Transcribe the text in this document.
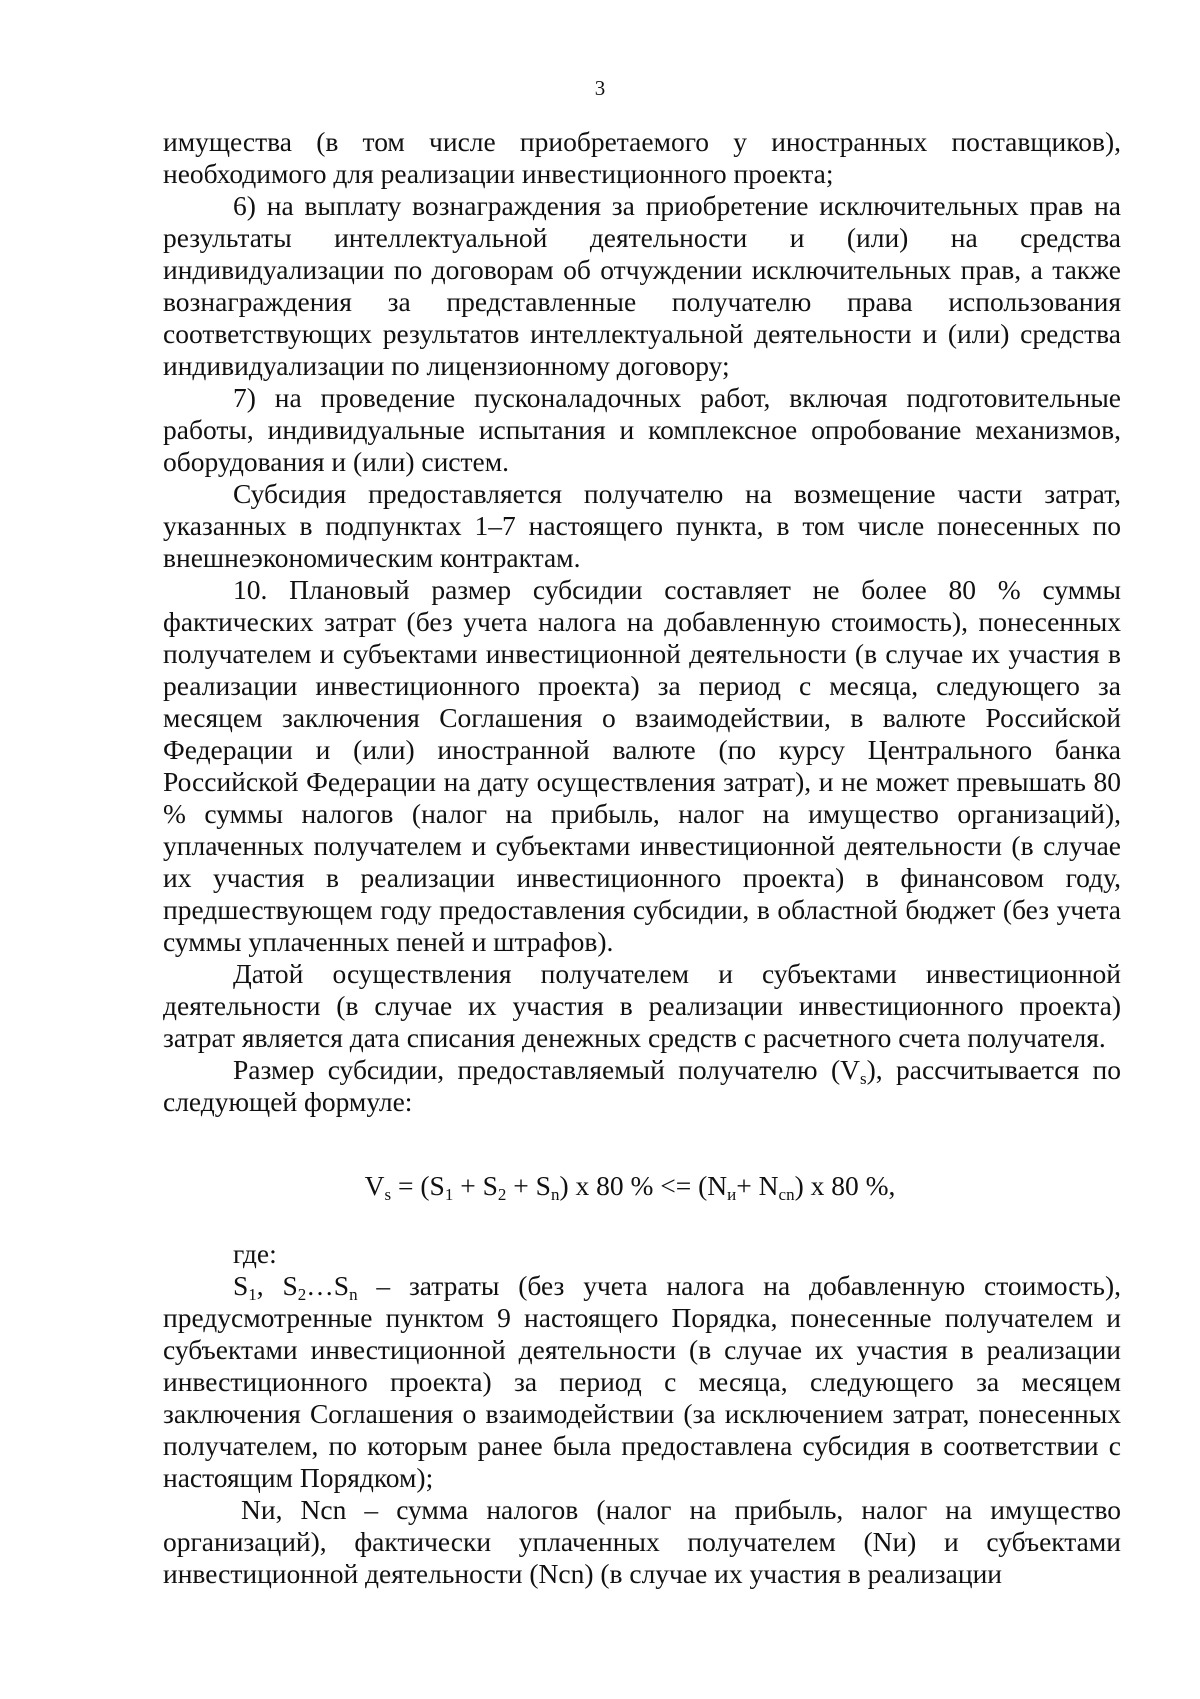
3

имущества (в том числе приобретаемого у иностранных поставщиков), необходимого для реализации инвестиционного проекта;

6) на выплату вознаграждения за приобретение исключительных прав на результаты интеллектуальной деятельности и (или) на средства индивидуализации по договорам об отчуждении исключительных прав, а также вознаграждения за представленные получателю права использования соответствующих результатов интеллектуальной деятельности и (или) средства индивидуализации по лицензионному договору;

7) на проведение пусконаладочных работ, включая подготовительные работы, индивидуальные испытания и комплексное опробование механизмов, оборудования и (или) систем.

Субсидия предоставляется получателю на возмещение части затрат, указанных в подпунктах 1–7 настоящего пункта, в том числе понесенных по внешнеэкономическим контрактам.

10. Плановый размер субсидии составляет не более 80 % суммы фактических затрат (без учета налога на добавленную стоимость), понесенных получателем и субъектами инвестиционной деятельности (в случае их участия в реализации инвестиционного проекта) за период с месяца, следующего за месяцем заключения Соглашения о взаимодействии, в валюте Российской Федерации и (или) иностранной валюте (по курсу Центрального банка Российской Федерации на дату осуществления затрат), и не может превышать 80 % суммы налогов (налог на прибыль, налог на имущество организаций), уплаченных получателем и субъектами инвестиционной деятельности (в случае их участия в реализации инвестиционного проекта) в финансовом году, предшествующем году предоставления субсидии, в областной бюджет (без учета суммы уплаченных пеней и штрафов).

Датой осуществления получателем и субъектами инвестиционной деятельности (в случае их участия в реализации инвестиционного проекта) затрат является дата списания денежных средств с расчетного счета получателя.

Размер субсидии, предоставляемый получателю $(V_s)$, рассчитывается по следующей формуле:

$V_s = (S_1 + S_2 + S_n)$ x 80 % <= $(N_и+ N_{cn})$ x 80 %,

где:

$S_1$, $S_2\dots S_n$ – затраты (без учета налога на добавленную стоимость), предусмотренные пунктом 9 настоящего Порядка, понесенные получателем и субъектами инвестиционной деятельности (в случае их участия в реализации инвестиционного проекта) за период с месяца, следующего за месяцем заключения Соглашения о взаимодействии (за исключением затрат, понесенных получателем, по которым ранее была предоставлена субсидия в соответствии с настоящим Порядком);

Nи, Ncn – сумма налогов (налог на прибыль, налог на имущество организаций), фактически уплаченных получателем (Nи) и субъектами инвестиционной деятельности (Ncn) (в случае их участия в реализации
